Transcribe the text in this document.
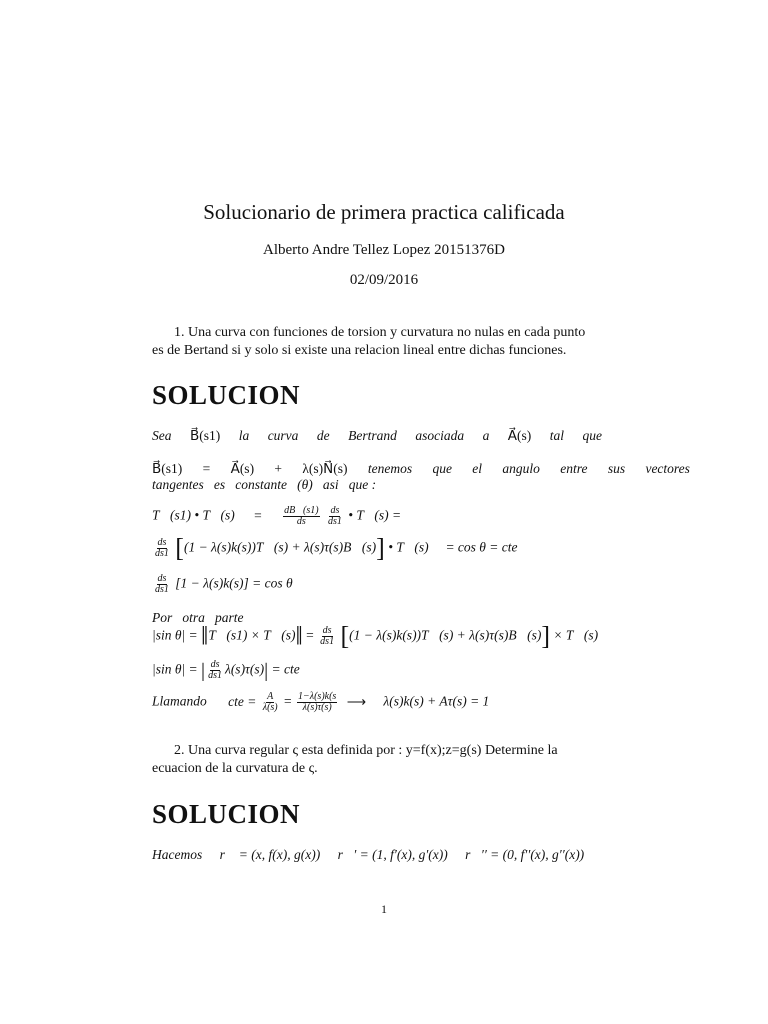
Solucionario de primera practica calificada
Alberto Andre Tellez Lopez 20151376D
02/09/2016
1. Una curva con funciones de torsion y curvatura no nulas en cada punto
es de Bertand si y solo si existe una relacion lineal entre dichas funciones.
SOLUCION
Sea B⃗(s1) la curva de Bertrand asociada a A⃗(s) tal que
B⃗(s1) = A⃗(s) + λ(s)N⃗(s) tenemos que el angulo entre sus vectores
tangentes   es   constante   (θ)   asi   que :
T⃗(s1) • T⃗(s) = $\frac{dB⃗(s1)}{ds}$
$\frac{ds}{ds1}$ • T⃗(s) =
$\frac{ds}{ds1} [(1$ − λ(s)k(s))T⃗(s) + λ(s)τ(s)B⃗(s)] • T⃗(s)     = cos θ = cte
$\frac{ds}{ds1} [1 - \lambda(s)k(s)] = \cos \theta$
Por   otra   parte
|sin θ| = ‖T⃗(s1) × T⃗(s)‖ = $\frac{ds}{ds1} [(1$ − λ(s)k(s))T⃗(s) + λ(s)τ(s)B⃗(s)] × T⃗(s)
|sin θ| = | $\frac{ds}{ds1} \lambda(s)\tau(s)|$ = cte
Llamando cte = $\frac{A}{\lambda(s)} = \frac{1-\lambda(s)k(s}{\lambda(s)\tau(s)}$ ⟶ λ(s)k(s) + Aτ(s) = 1
2. Una curva regular ς esta definida por : y=f(x);z=g(s) Determine la
ecuacion de la curvatura de ς.
SOLUCION
Hacemos r⃗ = (x, f(x), g(x)) r⃗′ = (1, f′(x), g′(x)) r⃗′′ = (0, f′′(x), g′′(x))
1
